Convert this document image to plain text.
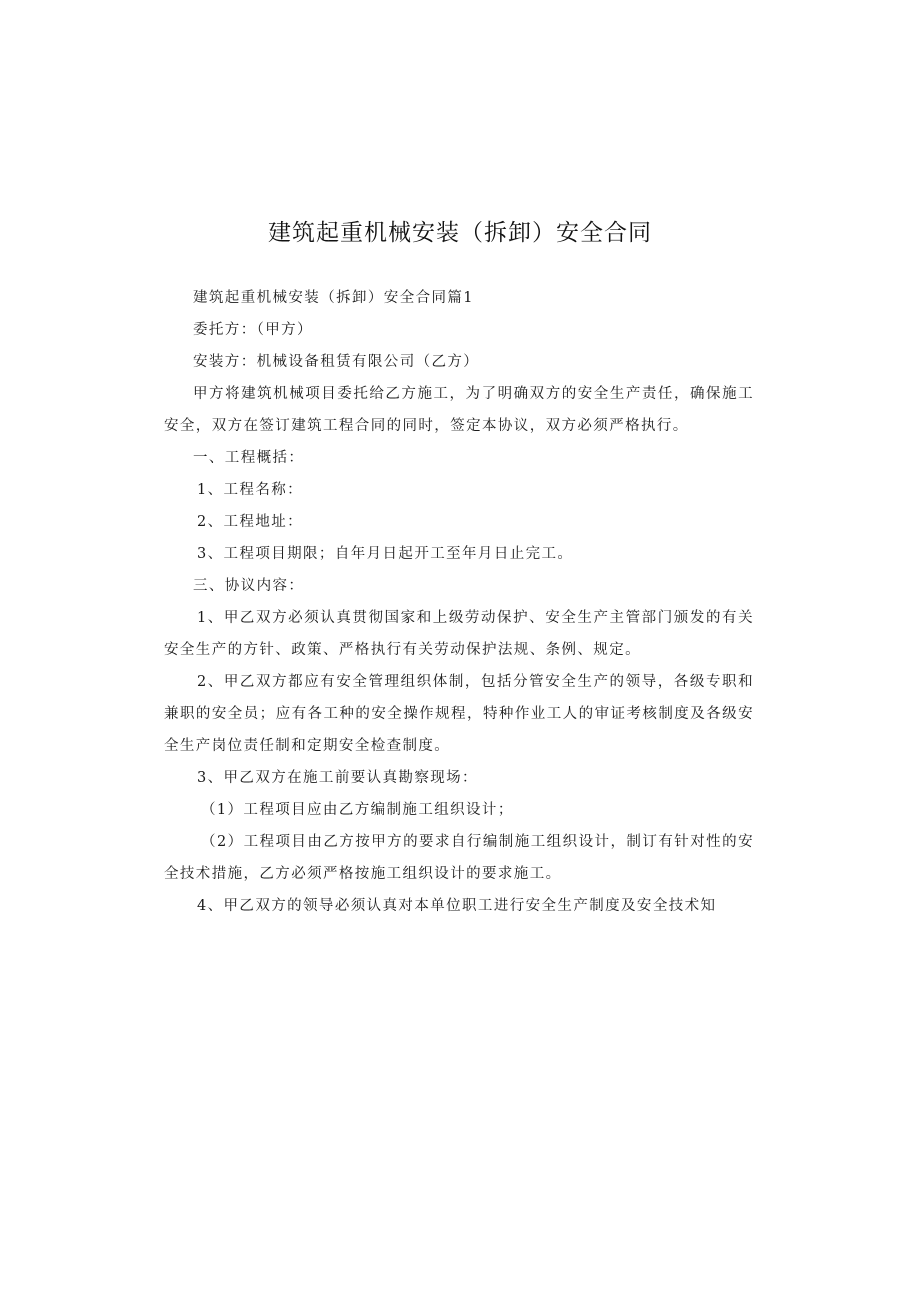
建筑起重机械安装（拆卸）安全合同

建筑起重机械安装（拆卸）安全合同篇1

委托方：（甲方）

安装方：机械设备租赁有限公司（乙方）

甲方将建筑机械项目委托给乙方施工，为了明确双方的安全生产责任，确保施工安全，双方在签订建筑工程合同的同时，签定本协议，双方必须严格执行。

一、工程概括：

1、工程名称：

2、工程地址：

3、工程项目期限；自年月日起开工至年月日止完工。

三、协议内容：

1、甲乙双方必须认真贯彻国家和上级劳动保护、安全生产主管部门颁发的有关安全生产的方针、政策、严格执行有关劳动保护法规、条例、规定。

2、甲乙双方都应有安全管理组织体制，包括分管安全生产的领导，各级专职和兼职的安全员；应有各工种的安全操作规程，特种作业工人的审证考核制度及各级安全生产岗位责任制和定期安全检查制度。

3、甲乙双方在施工前要认真勘察现场：

（1）工程项目应由乙方编制施工组织设计；

（2）工程项目由乙方按甲方的要求自行编制施工组织设计，制订有针对性的安全技术措施，乙方必须严格按施工组织设计的要求施工。

4、甲乙双方的领导必须认真对本单位职工进行安全生产制度及安全技术知
